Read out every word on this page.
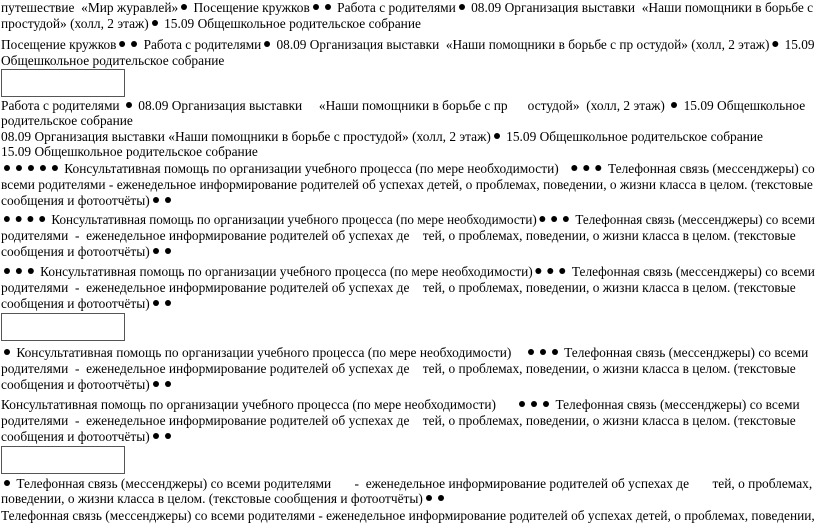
путешествие  «Мир журавлей» Посещение кружков Работа с родителями 08.09 Организация выставки  «Наши помощники в борьбе с
простудой» (холл, 2 этаж) 15.09 Общешкольное родительское собрание
Посещение кружков Работа с родителями 08.09 Организация выставки  «Наши помощники в борьбе с пр остудой» (холл, 2 этаж) 15.09
Общешкольное родительское собрание
Работа с родителями  08.09 Организация выставки     «Наши помощники в борьбе с пр      остудой»  (холл, 2 этаж)  15.09 Общешкольное
родительское собрание
08.09 Организация выставки «Наши помощники в борьбе с простудой» (холл, 2 этаж) 15.09 Общешкольное родительское собрание
15.09 Общешкольное родительское собрание
Консультативная помощь по организации учебного процесса (по мере необходимости)	Телефонная связь (мессенджеры) со
всеми родителями - еженедельное информирование родителей об успехах детей, о проблемах, поведении, о жизни класса в целом. (текстовые
сообщения и фотоотчёты)
Консультативная помощь по организации учебного процесса (по мере необходимости)	Телефонная связь (мессенджеры) со всеми
родителями  -  еженедельное информирование родителей об успехах де    тей, о проблемах, поведении, о жизни класса в целом. (текстовые
сообщения и фотоотчёты)
Консультативная помощь по организации учебного процесса (по мере необходимости)	Телефонная связь (мессенджеры) со всеми
родителями  -  еженедельное информирование родителей об успехах де    тей, о проблемах, поведении, о жизни класса в целом. (текстовые
сообщения и фотоотчёты)
Консультативная помощь по организации учебного процесса (по мере необходимости)	Телефонная связь (мессенджеры) со всеми
родителями  -  еженедельное информирование родителей об успехах де    тей, о проблемах, поведении, о жизни класса в целом. (текстовые
сообщения и фотоотчёты)
Консультативная помощь по организации учебного процесса (по мере необходимости)	Телефонная связь (мессенджеры) со всеми
родителями  -  еженедельное информирование родителей об успехах де    тей, о проблемах, поведении, о жизни класса в целом. (текстовые
сообщения и фотоотчёты)
Телефонная связь (мессенджеры) со всеми родителями       -  еженедельное информирование родителей об успехах де       тей, о проблемах,
поведении, о жизни класса в целом. (текстовые сообщения и фотоотчёты)
Телефонная связь (мессенджеры) со всеми родителями - еженедельное информирование родителей об успехах детей, о проблемах, поведении,
